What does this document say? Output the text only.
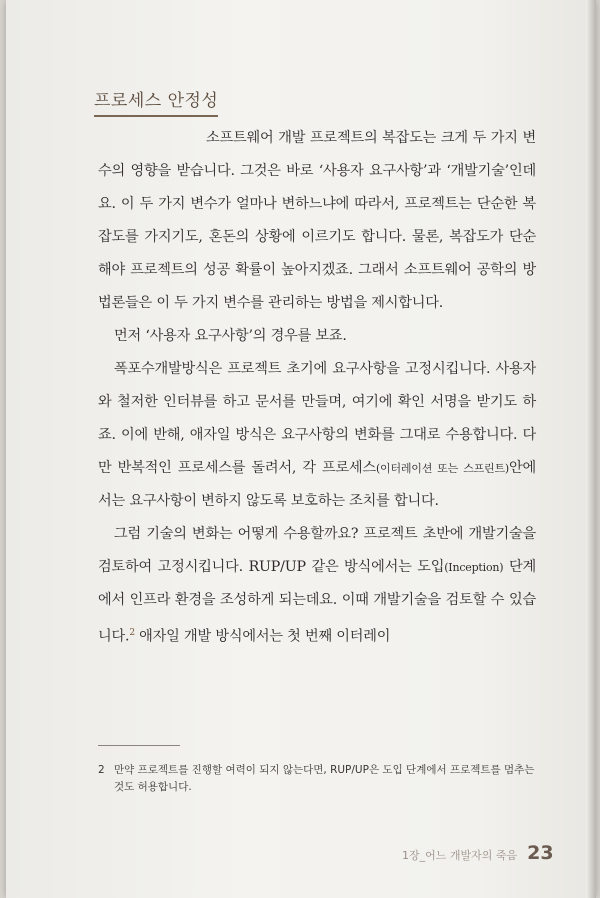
프로세스 안정성

소프트웨어 개발 프로젝트의 복잡도는 크게 두 가지 변수의 영향을 받습니다. 그것은 바로 ‘사용자 요구사항’과 ‘개발기술’인데요. 이 두 가지 변수가 얼마나 변하느냐에 따라서, 프로젝트는 단순한 복잡도를 가지기도, 혼돈의 상황에 이르기도 합니다. 물론, 복잡도가 단순해야 프로젝트의 성공 확률이 높아지겠죠. 그래서 소프트웨어 공학의 방법론들은 이 두 가지 변수를 관리하는 방법을 제시합니다.

먼저 ‘사용자 요구사항’의 경우를 보죠.

폭포수개발방식은 프로젝트 초기에 요구사항을 고정시킵니다. 사용자와 철저한 인터뷰를 하고 문서를 만들며, 여기에 확인 서명을 받기도 하죠. 이에 반해, 애자일 방식은 요구사항의 변화를 그대로 수용합니다. 다만 반복적인 프로세스를 돌려서, 각 프로세스(이터레이션 또는 스프린트)안에서는 요구사항이 변하지 않도록 보호하는 조치를 합니다.

그럼 기술의 변화는 어떻게 수용할까요? 프로젝트 초반에 개발기술을 검토하여 고정시킵니다. RUP/UP 같은 방식에서는 도입(Inception) 단계에서 인프라 환경을 조성하게 되는데요. 이때 개발기술을 검토할 수 있습니다.$^2$ 애자일 개발 방식에서는 첫 번째 이터레이

2 만약 프로젝트를 진행할 여력이 되지 않는다면, RUP/UP은 도입 단계에서 프로젝트를 멈추는 것도 허용합니다.
1장_어느 개발자의 죽음 23
